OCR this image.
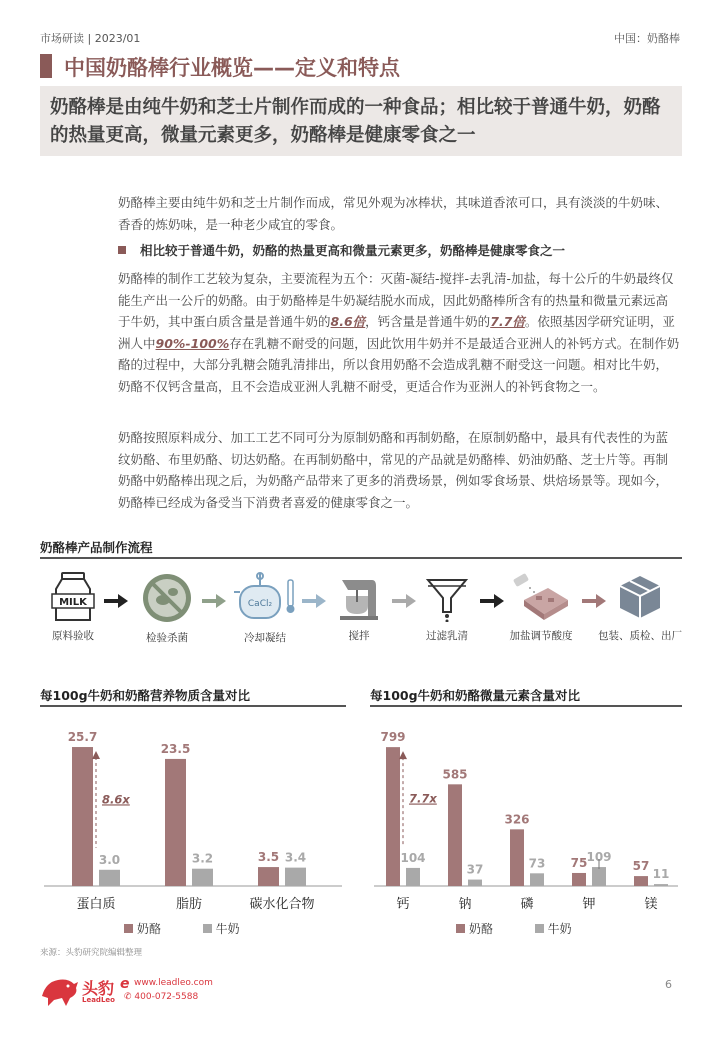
市场研读 | 2023/01	中国：奶酪棒
中国奶酪棒行业概览——定义和特点

奶酪棒是由纯牛奶和芝士片制作而成的一种食品；相比较于普通牛奶，奶酪的热量更高，微量元素更多，奶酪棒是健康零食之一

奶酪棒主要由纯牛奶和芝士片制作而成，常见外观为冰棒状，其味道香浓可口，具有淡淡的牛奶味、香香的炼奶味，是一种老少咸宜的零食。
相比较于普通牛奶，奶酪的热量更高和微量元素更多，奶酪棒是健康零食之一
奶酪棒的制作工艺较为复杂，主要流程为五个：灭菌-凝结-搅拌-去乳清-加盐，每十公斤的牛奶最终仅能生产出一公斤的奶酪。由于奶酪棒是牛奶凝结脱水而成，因此奶酪棒所含有的热量和微量元素远高于牛奶，其中蛋白质含量是普通牛奶的8.6倍，钙含量是普通牛奶的7.7倍。依照基因学研究证明，亚洲人中90%-100%存在乳糖不耐受的问题，因此饮用牛奶并不是最适合亚洲人的补钙方式。在制作奶酪的过程中，大部分乳糖会随乳清排出，所以食用奶酪不会造成乳糖不耐受这一问题。相对比牛奶，奶酪不仅钙含量高，且不会造成亚洲人乳糖不耐受，更适合作为亚洲人的补钙食物之一。
奶酪按照原料成分、加工工艺不同可分为原制奶酪和再制奶酪，在原制奶酪中，最具有代表性的为蓝纹奶酪、布里奶酪、切达奶酪。在再制奶酪中，常见的产品就是奶酪棒、奶油奶酪、芝士片等。再制奶酪中奶酪棒出现之后，为奶酪产品带来了更多的消费场景，例如零食场景、烘焙场景等。现如今，奶酪棒已经成为备受当下消费者喜爱的健康零食之一。
奶酪棒产品制作流程
MILK
原料验收	检验杀菌
CaCl₂
冷却凝结	搅拌	过滤乳清	加盐调节酸度	包装、质检、出厂
每100g牛奶和奶酪营养物质含量对比
25.7
3.0
蛋白质
23.5
3.2
脂肪
3.5 3.4
碳水化合物
8.6x
奶酪	牛奶
每100g牛奶和奶酪微量元素含量对比
799
104
钙
585
37
钠
326
73
磷
75 109
钾
57
11
镁
7.7x
奶酪	牛奶
来源：头豹研究院编辑整理
头豹
LeadLeo
e www.leadleo.com
✆ 400-072-5588
6
